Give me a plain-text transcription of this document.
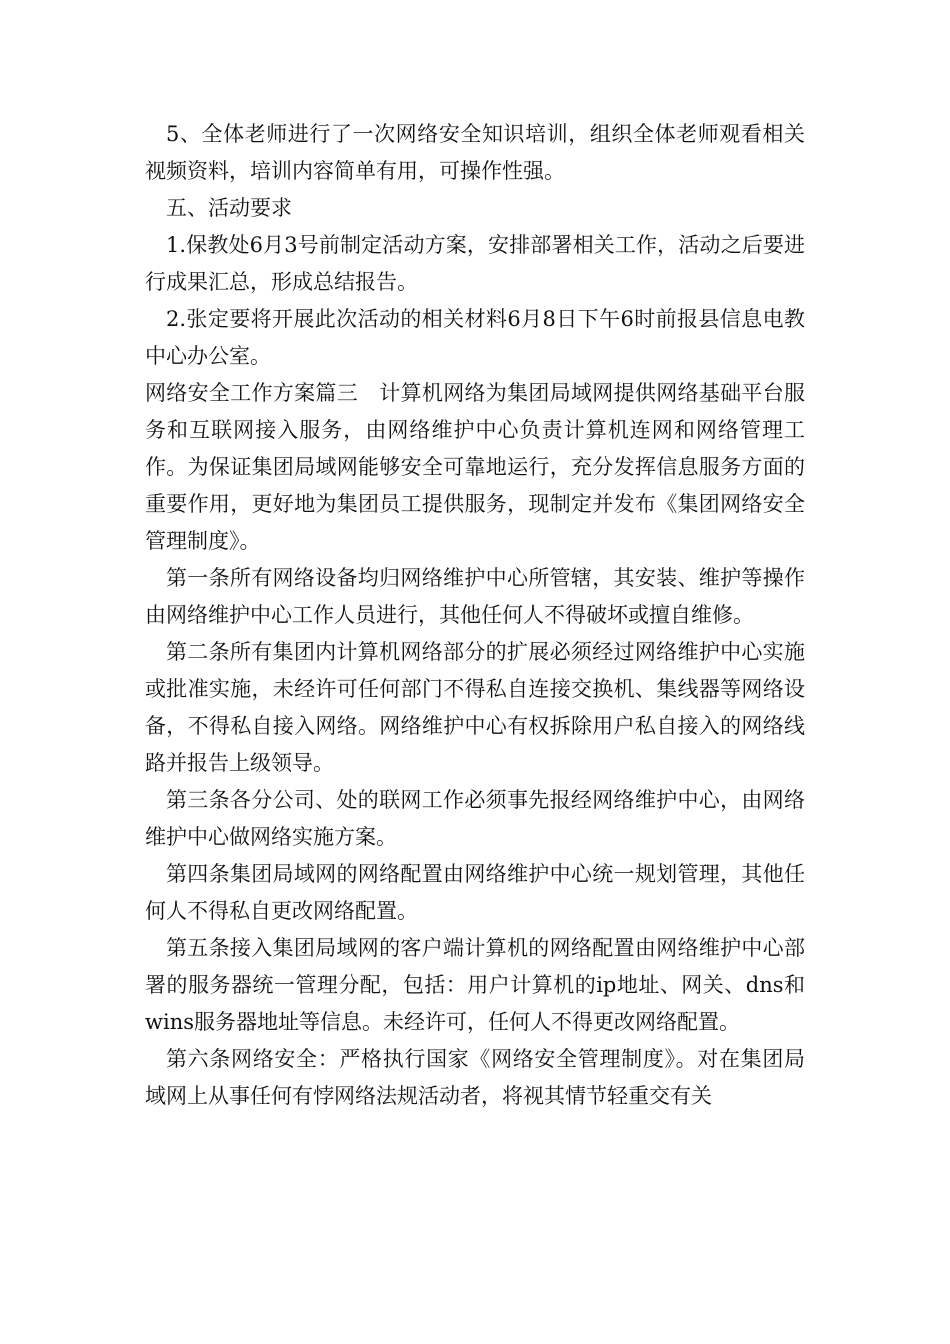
5、全体老师进行了一次网络安全知识培训，组织全体老师观看相关视频资料，培训内容简单有用，可操作性强。

五、活动要求

1.保教处6月3号前制定活动方案，安排部署相关工作，活动之后要进行成果汇总，形成总结报告。

2.张定要将开展此次活动的相关材料6月8日下午6时前报县信息电教中心办公室。

网络安全工作方案篇三　计算机网络为集团局域网提供网络基础平台服务和互联网接入服务，由网络维护中心负责计算机连网和网络管理工作。为保证集团局域网能够安全可靠地运行，充分发挥信息服务方面的重要作用，更好地为集团员工提供服务，现制定并发布《集团网络安全管理制度》。

第一条所有网络设备均归网络维护中心所管辖，其安装、维护等操作由网络维护中心工作人员进行，其他任何人不得破坏或擅自维修。

第二条所有集团内计算机网络部分的扩展必须经过网络维护中心实施或批准实施，未经许可任何部门不得私自连接交换机、集线器等网络设备，不得私自接入网络。网络维护中心有权拆除用户私自接入的网络线路并报告上级领导。

第三条各分公司、处的联网工作必须事先报经网络维护中心，由网络维护中心做网络实施方案。

第四条集团局域网的网络配置由网络维护中心统一规划管理，其他任何人不得私自更改网络配置。

第五条接入集团局域网的客户端计算机的网络配置由网络维护中心部署的服务器统一管理分配，包括：用户计算机的ip地址、网关、dns和wins服务器地址等信息。未经许可，任何人不得更改网络配置。

第六条网络安全：严格执行国家《网络安全管理制度》。对在集团局域网上从事任何有悖网络法规活动者，将视其情节轻重交有关
